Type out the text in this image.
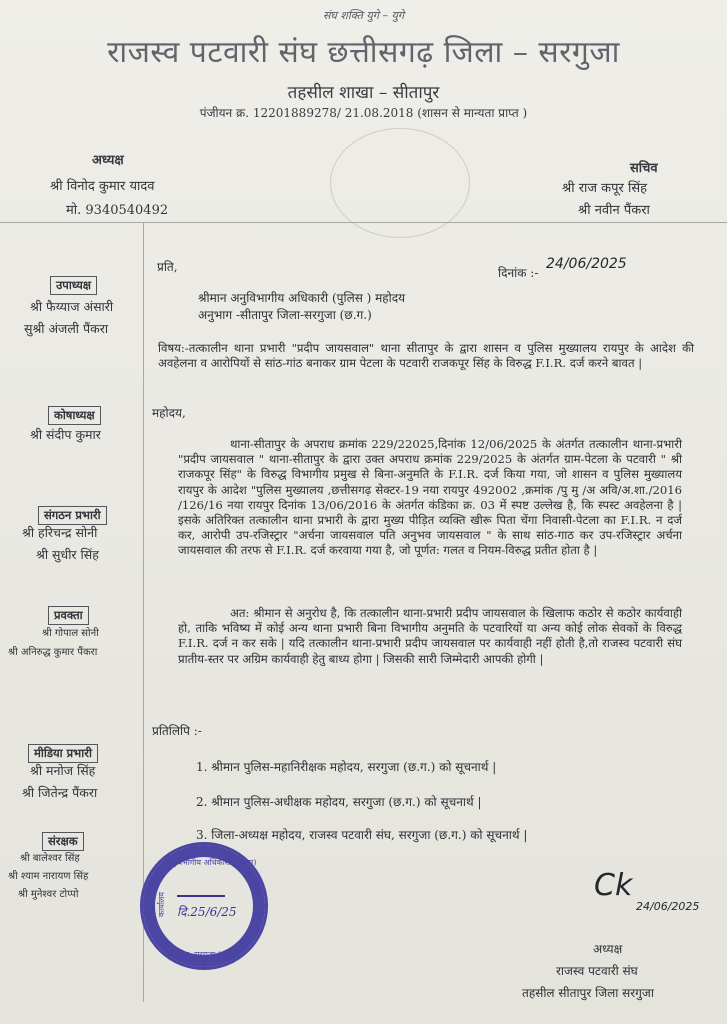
संघ शक्ति युगे – युगे
राजस्व पटवारी संघ छत्तीसगढ़ जिला – सरगुजा
तहसील शाखा – सीतापुर
पंजीयन क्र. 12201889278/ 21.08.2018 (शासन से मान्यता प्राप्त )
अध्यक्ष
श्री विनोद कुमार यादव
मो. 9340540492
सचिव
श्री राज कपूर सिंह
श्री नवीन पैंकरा
उपाध्यक्ष
श्री फैय्याज अंसारी
सुश्री अंजली पैंकरा
कोषाध्यक्ष
श्री संदीप कुमार
संगठन प्रभारी
श्री हरिचन्द्र सोनी
श्री सुधीर सिंह
प्रवक्ता
श्री गोपाल सोनी
श्री अनिरुद्ध कुमार पैंकरा
मीडिया प्रभारी
श्री मनोज सिंह
श्री जितेन्द्र पैंकरा
संरक्षक
श्री बालेश्वर सिंह
श्री श्याम नारायण सिंह
श्री मुनेश्वर टोप्पो
प्रति,	दिनांक :-
24/06/2025
श्रीमान अनुविभागीय अधिकारी (पुलिस ) महोदय
अनुभाग -सीतापुर जिला-सरगुजा (छ.ग.)
विषय:-तत्कालीन थाना प्रभारी "प्रदीप जायसवाल" थाना सीतापुर के द्वारा शासन व पुलिस मुख्यालय रायपुर के आदेश की अवहेलना व आरोपियों से सांठ-गांठ बनाकर ग्राम पेटला के पटवारी राजकपूर सिंह के विरुद्ध F.I.R. दर्ज करने बावत |
महोदय,
थाना-सीतापुर के अपराध क्रमांक 229/22025,दिनांक 12/06/2025 के अंतर्गत तत्कालीन थाना-प्रभारी "प्रदीप जायसवाल " थाना-सीतापुर के द्वारा उक्त अपराध क्रमांक 229/2025 के अंतर्गत ग्राम-पेटला के पटवारी " श्री राजकपूर सिंह" के विरुद्ध विभागीय प्रमुख से बिना-अनुमति के F.I.R. दर्ज किया गया, जो शासन व पुलिस मुख्यालय रायपुर के आदेश "पुलिस मुख्यालय ,छत्तीसगढ़ सेक्टर-19 नया रायपुर 492002 ,क्रमांक /पु मु /अ अवि/अ.शा./2016 /126/16 नया रायपुर दिनांक 13/06/2016 के अंतर्गत कंडिका क्र. 03 में स्पष्ट उल्लेख है, कि स्पस्ट अवहेलना है | इसके अतिरिक्त तत्कालीन थाना प्रभारी के द्वारा मुख्य पीड़ित व्यक्ति खीरू पिता चेंगा निवासी-पेटला का F.I.R. न दर्ज कर, आरोपी उप-रजिस्ट्रार "अर्चना जायसवाल पति अनुभव जायसवाल " के साथ सांठ-गाठ कर उप-रजिस्ट्रार अर्चना जायसवाल की तरफ से F.I.R. दर्ज करवाया गया है, जो पूर्णत: गलत व नियम-विरुद्ध प्रतीत होता है |
अत: श्रीमान से अनुरोध है, कि तत्कालीन थाना-प्रभारी प्रदीप जायसवाल के खिलाफ कठोर से कठोर कार्यवाही हो, ताकि भविष्य में कोई अन्य थाना प्रभारी बिना विभागीय अनुमति के पटवारियों या अन्य कोई लोक सेवकों के विरुद्ध F.I.R. दर्ज न कर सके | यदि तत्कालीन थाना-प्रभारी प्रदीप जायसवाल पर कार्यवाही नहीं होती है,तो राजस्व पटवारी संघ प्रातीय-स्तर पर अग्रिम कार्यवाही हेतु बाध्य होगा | जिसकी सारी जिम्मेदारी आपकी होगी |
प्रतिलिपि :-
1. श्रीमान पुलिस-महानिरीक्षक महोदय, सरगुजा (छ.ग.) को सूचनार्थ |
2. श्रीमान पुलिस-अधीक्षक महोदय, सरगुजा (छ.ग.) को सूचनार्थ |
3. जिला-अध्यक्ष महोदय, राजस्व पटवारी संघ, सरगुजा (छ.ग.) को सूचनार्थ |
अनुविभागीय अधिकारी (पुलिस)
कार्यालय
सीतापुर, सरगुजा (छ.ग.)
दि.25/6/25
Ck
24/06/2025
अध्यक्ष
राजस्व पटवारी संघ
तहसील सीतापुर जिला सरगुजा
